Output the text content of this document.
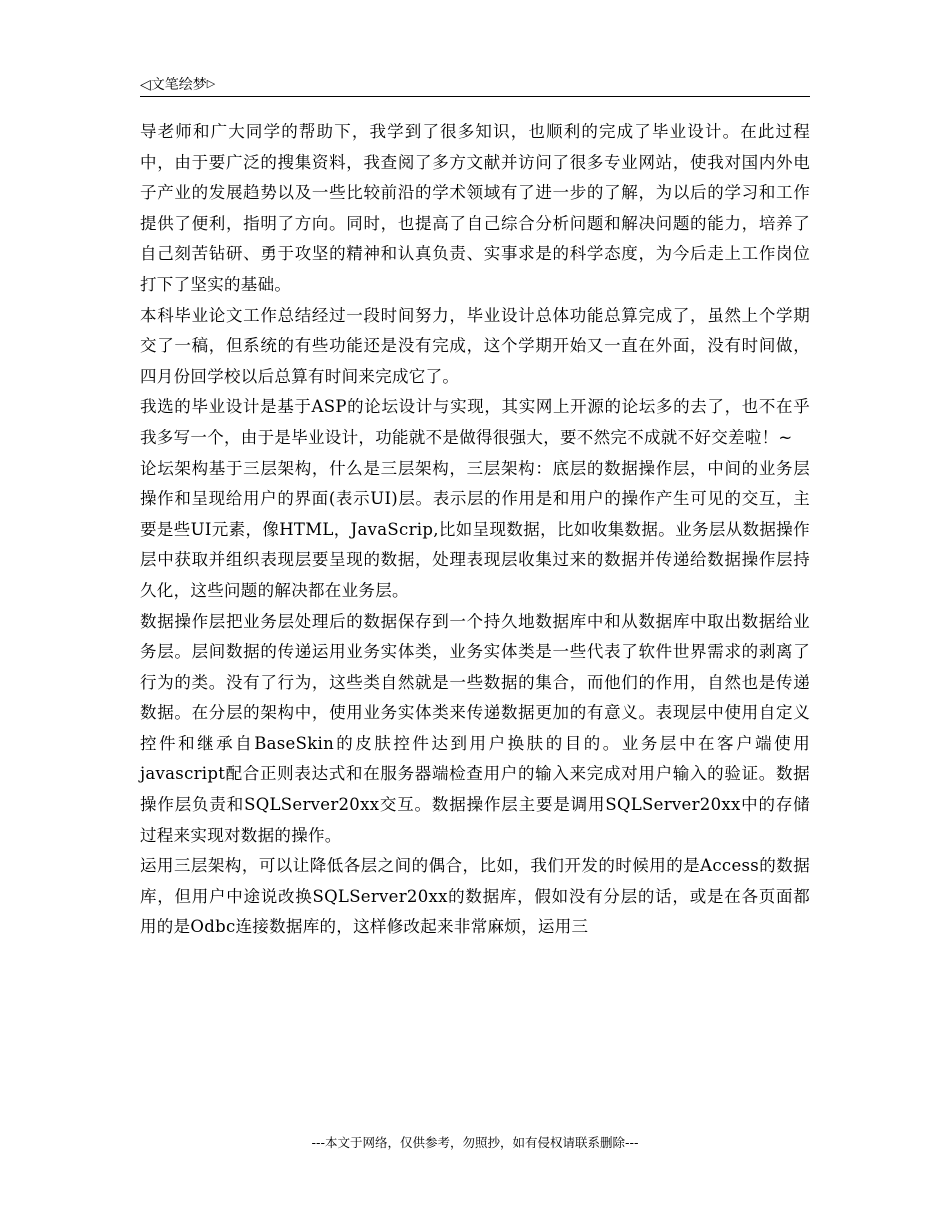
◁文笔绘梦▷

导老师和广大同学的帮助下，我学到了很多知识，也顺利的完成了毕业设计。在此过程中，由于要广泛的搜集资料，我查阅了多方文献并访问了很多专业网站，使我对国内外电子产业的发展趋势以及一些比较前沿的学术领域有了进一步的了解，为以后的学习和工作提供了便利，指明了方向。同时，也提高了自己综合分析问题和解决问题的能力，培养了自己刻苦钻研、勇于攻坚的精神和认真负责、实事求是的科学态度，为今后走上工作岗位打下了坚实的基础。

本科毕业论文工作总结经过一段时间努力，毕业设计总体功能总算完成了，虽然上个学期交了一稿，但系统的有些功能还是没有完成，这个学期开始又一直在外面，没有时间做，四月份回学校以后总算有时间来完成它了。

我选的毕业设计是基于ASP的论坛设计与实现，其实网上开源的论坛多的去了，也不在乎我多写一个，由于是毕业设计，功能就不是做得很强大，要不然完不成就不好交差啦！~

论坛架构基于三层架构，什么是三层架构，三层架构：底层的数据操作层，中间的业务层操作和呈现给用户的界面(表示UI)层。表示层的作用是和用户的操作产生可见的交互，主要是些UI元素，像HTML，JavaScrip,比如呈现数据，比如收集数据。业务层从数据操作层中获取并组织表现层要呈现的数据，处理表现层收集过来的数据并传递给数据操作层持久化，这些问题的解决都在业务层。

数据操作层把业务层处理后的数据保存到一个持久地数据库中和从数据库中取出数据给业务层。层间数据的传递运用业务实体类，业务实体类是一些代表了软件世界需求的剥离了行为的类。没有了行为，这些类自然就是一些数据的集合，而他们的作用，自然也是传递数据。在分层的架构中，使用业务实体类来传递数据更加的有意义。表现层中使用自定义控件和继承自BaseSkin的皮肤控件达到用户换肤的目的。业务层中在客户端使用javascript配合正则表达式和在服务器端检查用户的输入来完成对用户输入的验证。数据操作层负责和SQLServer20xx交互。数据操作层主要是调用SQLServer20xx中的存储过程来实现对数据的操作。

运用三层架构，可以让降低各层之间的偶合，比如，我们开发的时候用的是Access的数据库，但用户中途说改换SQLServer20xx的数据库，假如没有分层的话，或是在各页面都用的是Odbc连接数据库的，这样修改起来非常麻烦，运用三

---本文于网络，仅供参考，勿照抄，如有侵权请联系删除---
